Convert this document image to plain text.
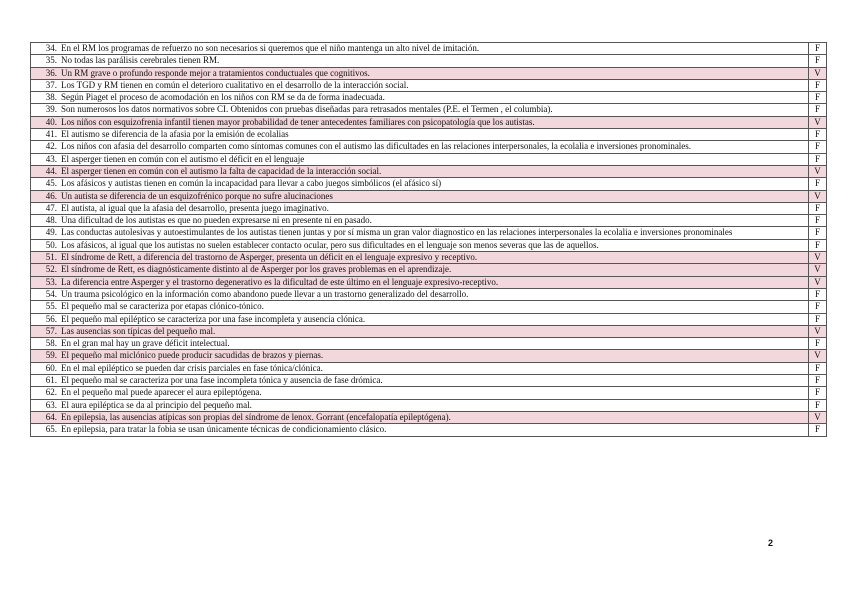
34.	En el RM los programas de refuerzo no son necesarios si queremos que el niño mantenga un alto nivel de imitación.	F
35.	No todas las parálisis cerebrales tienen RM.	F
36.	Un RM grave o profundo responde mejor a tratamientos conductuales que cognitivos.	V
37.	Los TGD y RM tienen en común el deterioro cualitativo en el desarrollo de la interacción social.	F
38.	Según Piaget el proceso de acomodación en los niños con RM se da de forma inadecuada.	F
39.	Son numerosos los datos normativos sobre CI. Obtenidos con pruebas diseñadas para retrasados mentales (P.E. el Termen , el columbia).	F
40.	Los niños con esquizofrenia infantil tienen mayor probabilidad de tener antecedentes familiares con psicopatología que los autistas.	V
41.	El autismo se diferencia de la afasia por la emisión de ecolalias	F
42.	Los niños con afasia del desarrollo comparten como síntomas comunes con el autismo las dificultades en las relaciones interpersonales, la ecolalia e inversiones pronominales.	F
43.	El asperger tienen en común con el autismo el déficit en el lenguaje	F
44.	El asperger tienen en común con el autismo la falta de capacidad de la interacción social.	V
45.	Los afásicos y autistas tienen en común la incapacidad para llevar a cabo juegos simbólicos (el afásico sí)	F
46.	Un autista se diferencia de un esquizofrénico porque no sufre alucinaciones	V
47.	El autista, al igual que la afasia del desarrollo, presenta juego imaginativo.	F
48.	Una dificultad de los autistas es que no pueden expresarse ni en presente ni en pasado.	F
49.	Las conductas autolesivas y autoestimulantes de los autistas tienen juntas y por sí misma un gran valor diagnostico en las relaciones interpersonales la ecolalia e inversiones pronominales	F
50.	Los afásicos, al igual que los autistas no suelen establecer contacto ocular, pero sus dificultades en el lenguaje son menos severas que las de aquellos.	F
51.	El síndrome de Rett, a diferencia del trastorno de Asperger, presenta un déficit en el lenguaje expresivo y receptivo.	V
52.	El síndrome de Rett, es diagnósticamente distinto al de Asperger por los graves problemas en el aprendizaje.	V
53.	La diferencia entre Asperger y el trastorno degenerativo es la dificultad de este último en el lenguaje expresivo-receptivo.	V
54.	Un trauma psicológico en la información como abandono puede llevar a un trastorno generalizado del desarrollo.	F
55.	El pequeño mal se caracteriza por etapas clónico-tónico.	F
56.	El pequeño mal epiléptico se caracteriza por una fase incompleta y ausencia clónica.	F
57.	Las ausencias son típicas del pequeño mal.	V
58.	En el gran mal hay un grave déficit intelectual.	F
59.	El pequeño mal miclónico puede producir sacudidas de brazos y piernas.	V
60.	En el mal epiléptico se pueden dar crisis parciales en fase tónica/clónica.	F
61.	El pequeño mal se caracteriza por una fase incompleta tónica y ausencia de fase drómica.	F
62.	En el pequeño mal puede aparecer el aura epileptógena.	F
63.	El aura epiléptica se da al principio del pequeño mal.	F
64.	En epilepsia, las ausencias atípicas son propias del síndrome de lenox. Gorrant (encefalopatía epileptógena).	V
65.	En epilepsia, para tratar la fobia se usan únicamente técnicas de condicionamiento clásico.	F
2
